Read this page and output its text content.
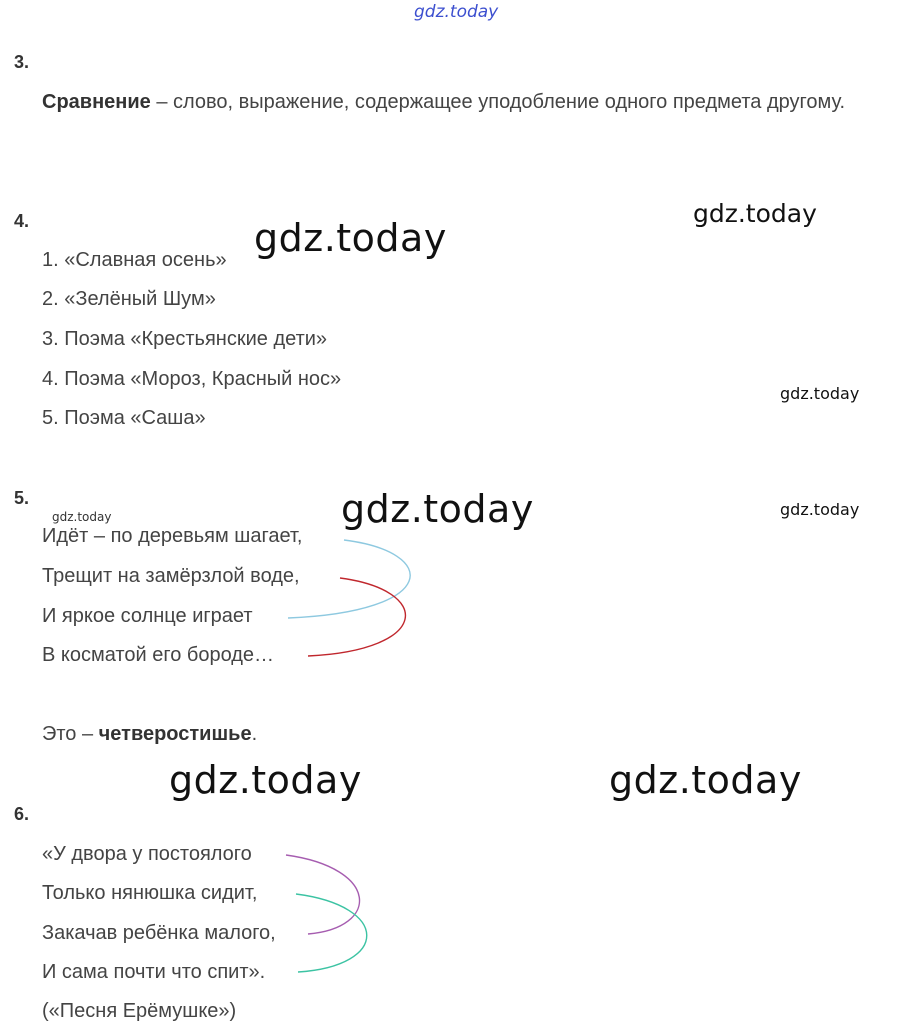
gdz.today
3.
Сравнение – слово, выражение, содержащее уподобление одного предмета другому.
4.
1. «Славная осень»
2. «Зелёный Шум»
3. Поэма «Крестьянские дети»
4. Поэма «Мороз, Красный нос»
5. Поэма «Саша»
5.
Идёт – по деревьям шагает,
Трещит на замёрзлой воде,
И яркое солнце играет
В косматой его бороде…
Это – четверостишье.
6.
«У двора у постоялого
Только нянюшка сидит,
Закачав ребёнка малого,
И сама почти что спит».
(«Песня Ерёмушке»)
gdz.today
gdz.today
gdz.today
gdz.today	gdz.today	gdz.today
gdz.today	gdz.today
